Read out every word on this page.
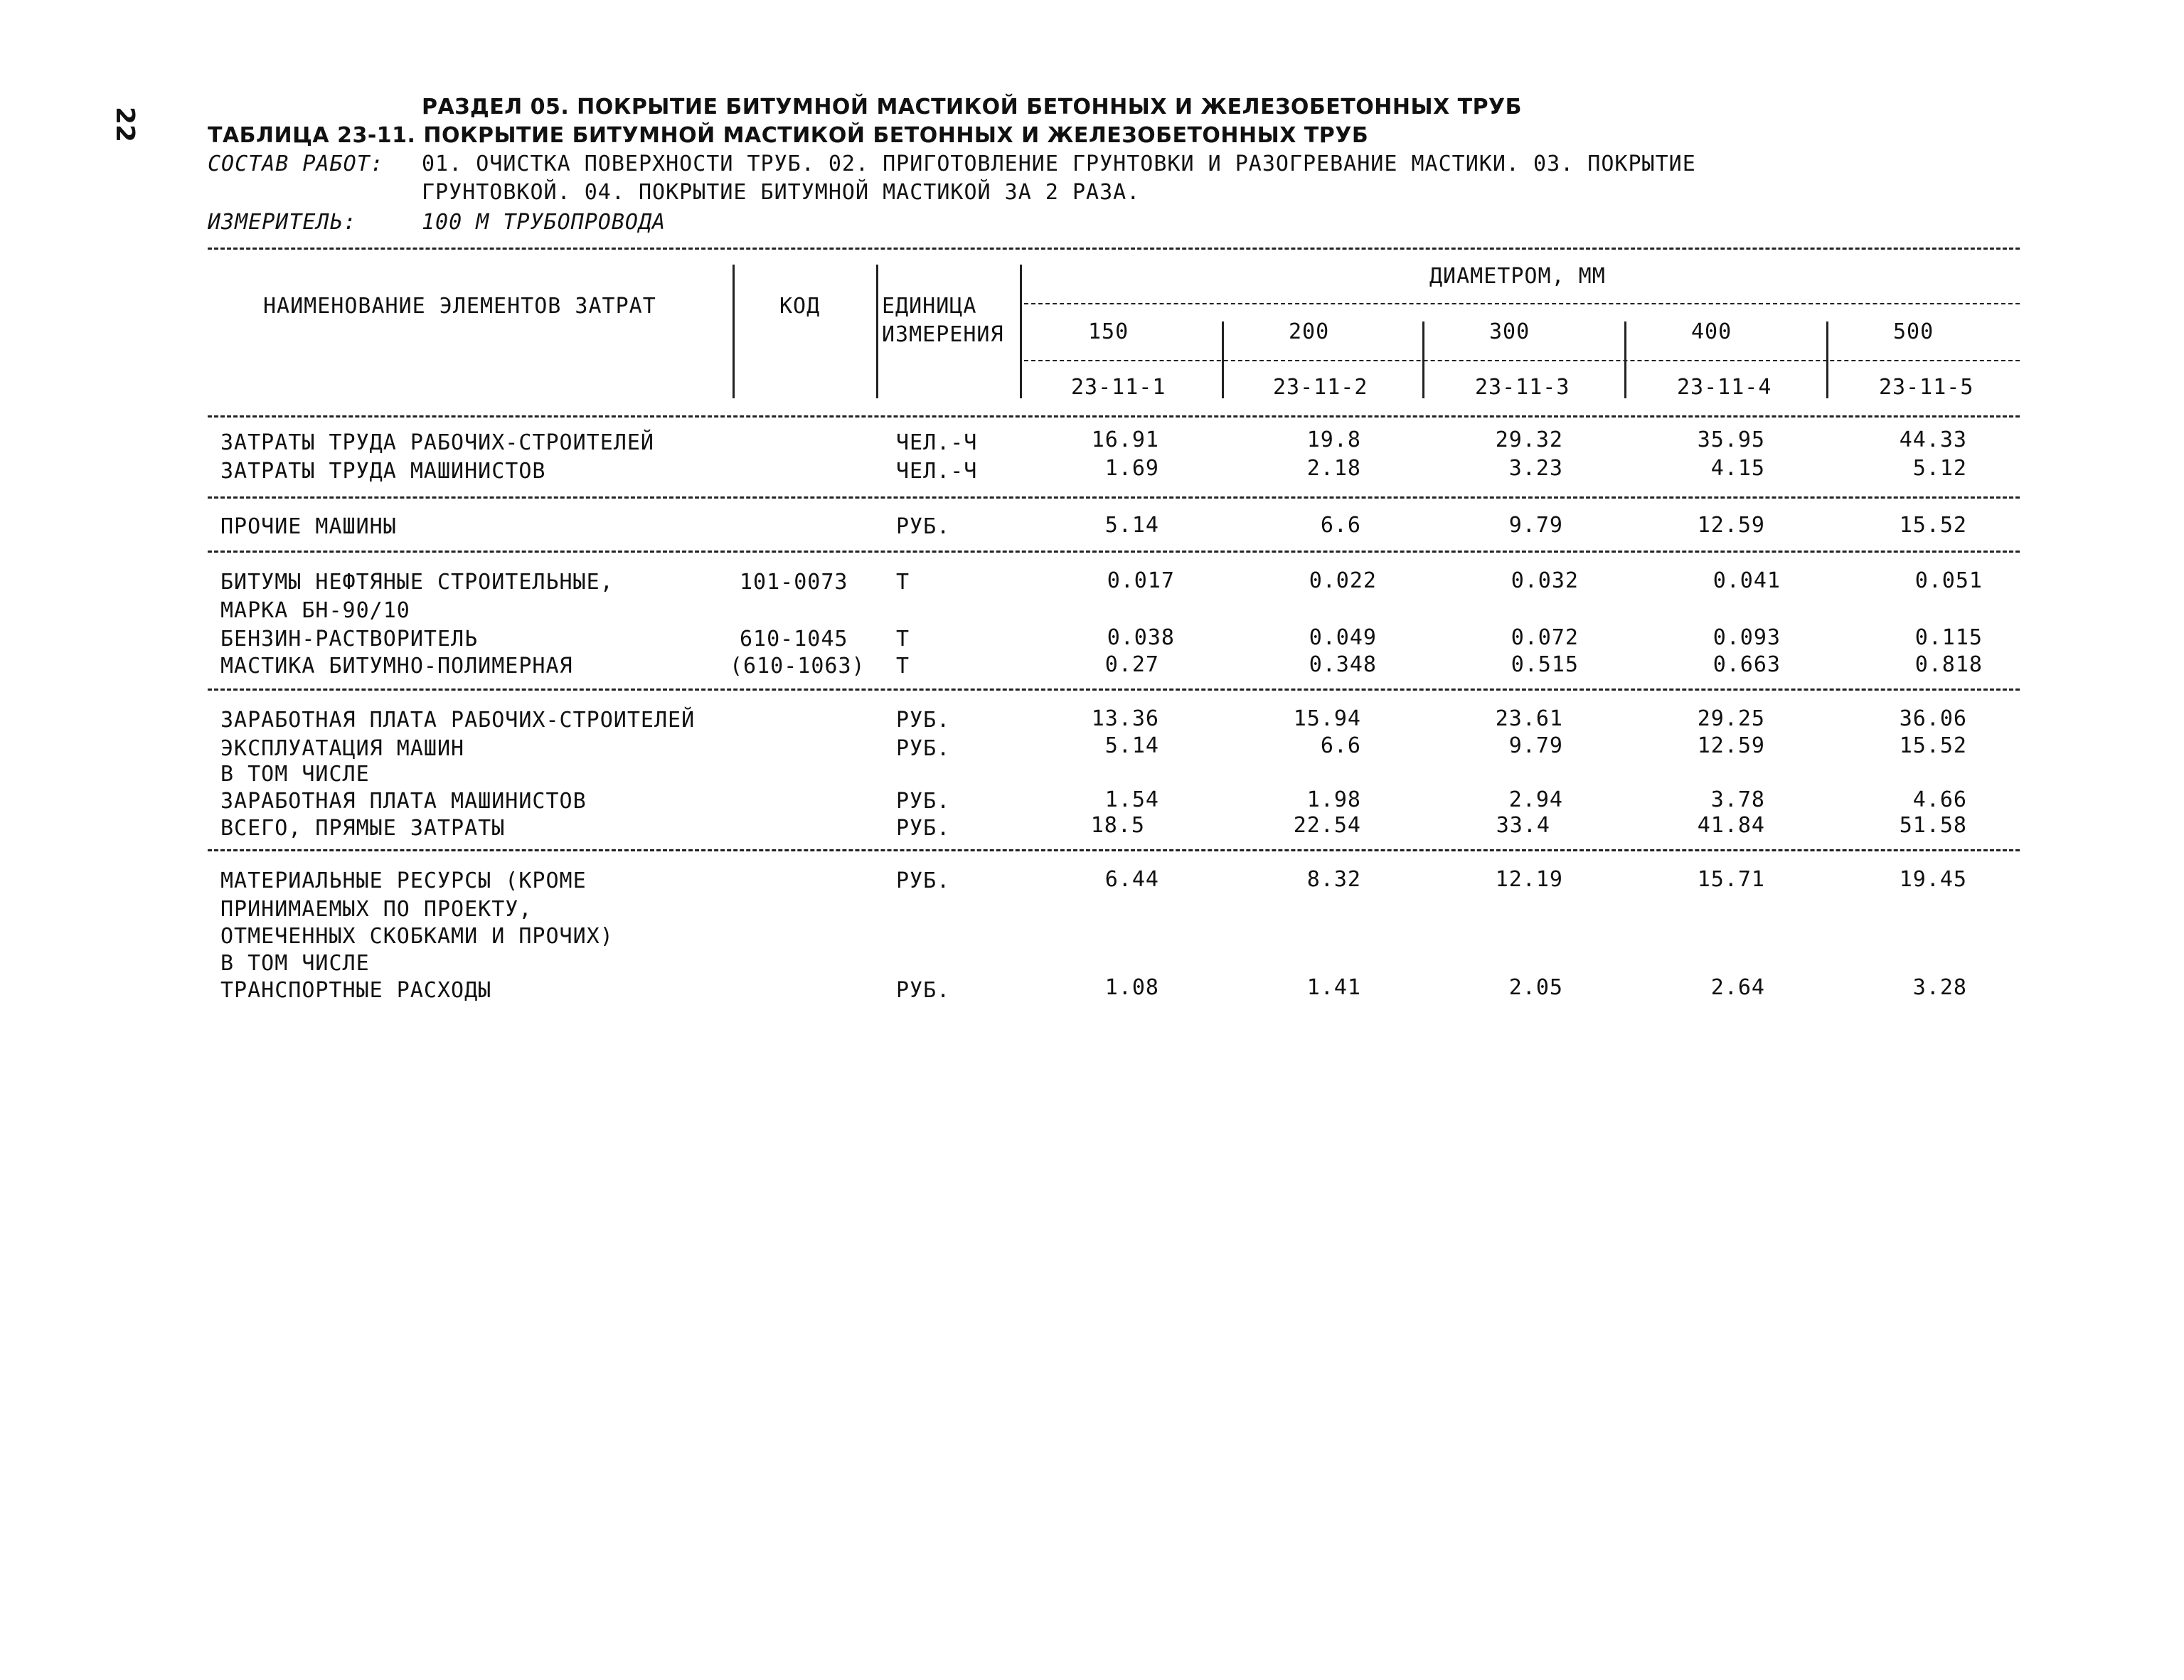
22	РАЗДЕЛ 05. ПОКРЫТИЕ БИТУМНОЙ МАСТИКОЙ БЕТОННЫХ И ЖЕЛЕЗОБЕТОННЫХ ТРУБ
ТАБЛИЦА 23-11. ПОКРЫТИЕ БИТУМНОЙ МАСТИКОЙ БЕТОННЫХ И ЖЕЛЕЗОБЕТОННЫХ ТРУБ
СОСТАВ РАБОТ: 01. ОЧИСТКА ПОВЕРХНОСТИ ТРУБ. 02. ПРИГОТОВЛЕНИЕ ГРУНТОВКИ И РАЗОГРЕВАНИЕ МАСТИКИ. 03. ПОКРЫТИЕ
ГРУНТОВКОЙ. 04. ПОКРЫТИЕ БИТУМНОЙ МАСТИКОЙ ЗА 2 РАЗА.
ИЗМЕРИТЕЛЬ:	100 М ТРУБОПРОВОДА
НАИМЕНОВАНИЕ ЭЛЕМЕНТОВ ЗАТРАТ	КОД	ЕДИНИЦА
ИЗМЕРЕНИЯ
ДИАМЕТРОМ, ММ
150	200	300	400	500
23-11-1	23-11-2	23-11-3	23-11-4	23-11-5
ЗАТРАТЫ ТРУДА РАБОЧИХ-СТРОИТЕЛЕЙ	ЧЕЛ.-Ч	16.91	19.8	29.32	35.95	44.33
ЗАТРАТЫ ТРУДА МАШИНИСТОВ	ЧЕЛ.-Ч	1.69	2.18	3.23	4.15	5.12
ПРОЧИЕ МАШИНЫ	РУБ.	5.14	6.6	9.79	12.59	15.52
БИТУМЫ НЕФТЯНЫЕ СТРОИТЕЛЬНЫЕ,
МАРКА БН-90/10
101-0073 Т	0.017	0.022	0.032	0.041	0.051
БЕНЗИН-РАСТВОРИТЕЛЬ	610-1045 Т	0.038	0.049	0.072	0.093	0.115
МАСТИКА БИТУМНО-ПОЛИМЕРНАЯ	(610-1063) Т	0.27	0.348	0.515	0.663	0.818
ЗАРАБОТНАЯ ПЛАТА РАБОЧИХ-СТРОИТЕЛЕЙ	РУБ.	13.36	15.94	23.61	29.25	36.06
ЭКСПЛУАТАЦИЯ МАШИН	РУБ.	5.14	6.6	9.79	12.59	15.52
В ТОМ ЧИСЛЕ
ЗАРАБОТНАЯ ПЛАТА МАШИНИСТОВ	РУБ.	1.54	1.98	2.94	3.78	4.66
ВСЕГО, ПРЯМЫЕ ЗАТРАТЫ	РУБ.	18.5	22.54	33.4	41.84	51.58
МАТЕРИАЛЬНЫЕ РЕСУРСЫ (КРОМЕ
ПРИНИМАЕМЫХ ПО ПРОЕКТУ,
ОТМЕЧЕННЫХ СКОБКАМИ И ПРОЧИХ)
РУБ.	6.44	8.32	12.19	15.71	19.45
В ТОМ ЧИСЛЕ
ТРАНСПОРТНЫЕ РАСХОДЫ	РУБ.	1.08	1.41	2.05	2.64	3.28
